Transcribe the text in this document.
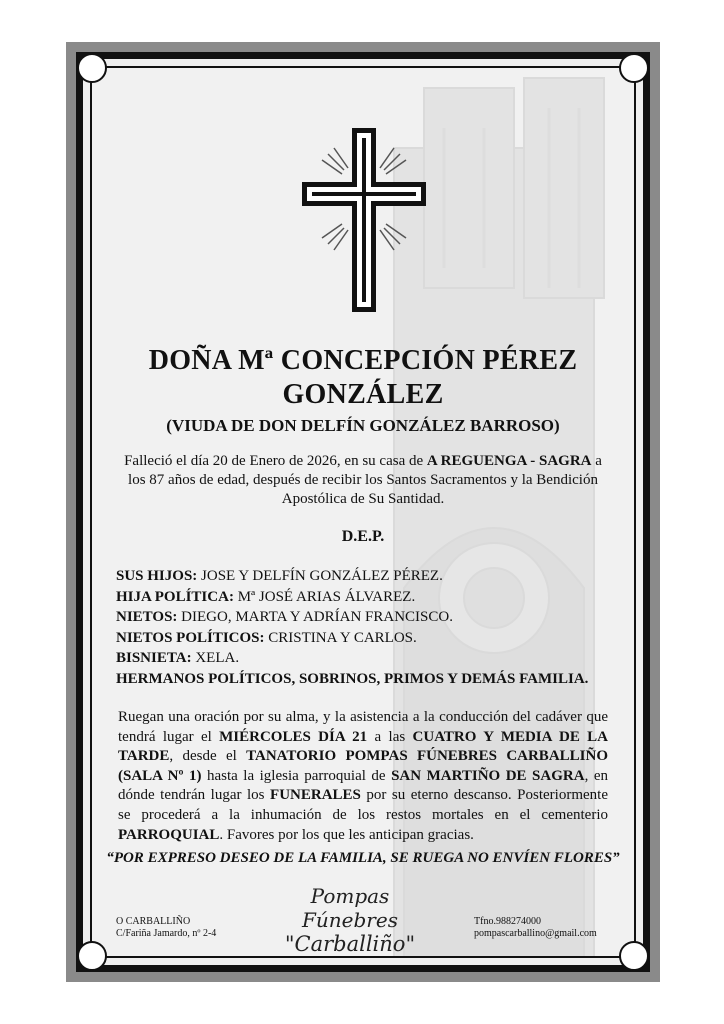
DOÑA Mª CONCEPCIÓN PÉREZ
GONZÁLEZ
(VIUDA DE DON DELFÍN GONZÁLEZ BARROSO)
Falleció el día 20 de Enero de 2026, en su casa de A REGUENGA - SAGRA a los 87 años de edad, después de recibir los Santos Sacramentos y la Bendición Apostólica de Su Santidad.
D.E.P.
SUS HIJOS: JOSE Y DELFÍN GONZÁLEZ PÉREZ.
HIJA POLÍTICA: Mª JOSÉ ARIAS ÁLVAREZ.
NIETOS: DIEGO, MARTA Y ADRÍAN FRANCISCO.
NIETOS POLÍTICOS: CRISTINA Y CARLOS.
BISNIETA: XELA.
HERMANOS POLÍTICOS, SOBRINOS, PRIMOS Y DEMÁS FAMILIA.
Ruegan una oración por su alma, y la asistencia a la conducción del cadáver que tendrá lugar el MIÉRCOLES DÍA 21 a las CUATRO Y MEDIA DE LA TARDE, desde el TANATORIO POMPAS FÚNEBRES CARBALLIÑO (SALA Nº 1) hasta la iglesia parroquial de SAN MARTIÑO DE SAGRA, en dónde tendrán lugar los FUNERALES por su eterno descanso. Posteriormente se procederá a la inhumación de los restos mortales en el cementerio PARROQUIAL. Favores por los que les anticipan gracias.
“POR EXPRESO DESEO DE LA FAMILIA, SE RUEGA NO ENVÍEN FLORES”
Pompas Fúnebres
"Carballiño"
O CARBALLIÑO
C/Fariña Jamardo, nº 2-4
Tfno.988274000
pompascarballino@gmail.com
